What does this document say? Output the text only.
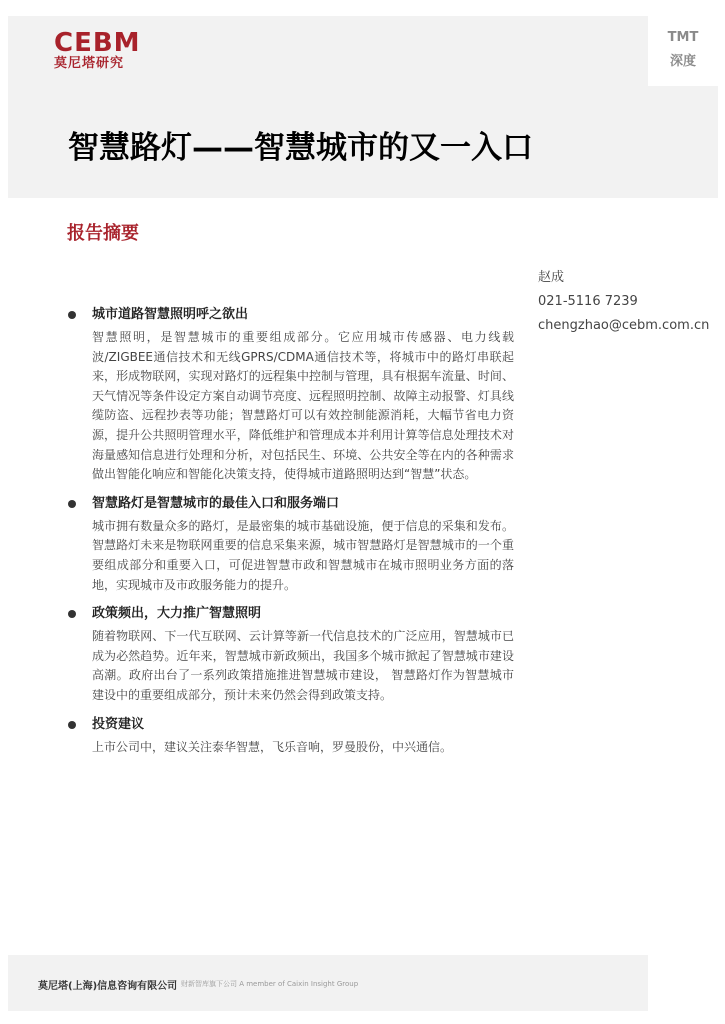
CEBM
莫尼塔研究
TMT
深度
智慧路灯——智慧城市的又一入口
报告摘要
赵成
021-5116 7239
chengzhao@cebm.com.cn
城市道路智慧照明呼之欲出

智慧照明，是智慧城市的重要组成部分。它应用城市传感器、电力线载波/ZIGBEE通信技术和无线GPRS/CDMA通信技术等，将城市中的路灯串联起来，形成物联网，实现对路灯的远程集中控制与管理，具有根据车流量、时间、天气情况等条件设定方案自动调节亮度、远程照明控制、故障主动报警、灯具线缆防盗、远程抄表等功能；智慧路灯可以有效控制能源消耗，大幅节省电力资源，提升公共照明管理水平，降低维护和管理成本并利用计算等信息处理技术对海量感知信息进行处理和分析，对包括民生、环境、公共安全等在内的各种需求做出智能化响应和智能化决策支持，使得城市道路照明达到“智慧”状态。

智慧路灯是智慧城市的最佳入口和服务端口

城市拥有数量众多的路灯，是最密集的城市基础设施，便于信息的采集和发布。智慧路灯未来是物联网重要的信息采集来源，城市智慧路灯是智慧城市的一个重要组成部分和重要入口，可促进智慧市政和智慧城市在城市照明业务方面的落地，实现城市及市政服务能力的提升。

政策频出，大力推广智慧照明

随着物联网、下一代互联网、云计算等新一代信息技术的广泛应用，智慧城市已成为必然趋势。近年来，智慧城市新政频出，我国多个城市掀起了智慧城市建设高潮。政府出台了一系列政策措施推进智慧城市建设， 智慧路灯作为智慧城市建设中的重要组成部分，预计未来仍然会得到政策支持。

投资建议

上市公司中，建议关注泰华智慧，飞乐音响，罗曼股份，中兴通信。

莫尼塔(上海)信息咨询有限公司 财新智库旗下公司 A member of Caixin Insight Group
